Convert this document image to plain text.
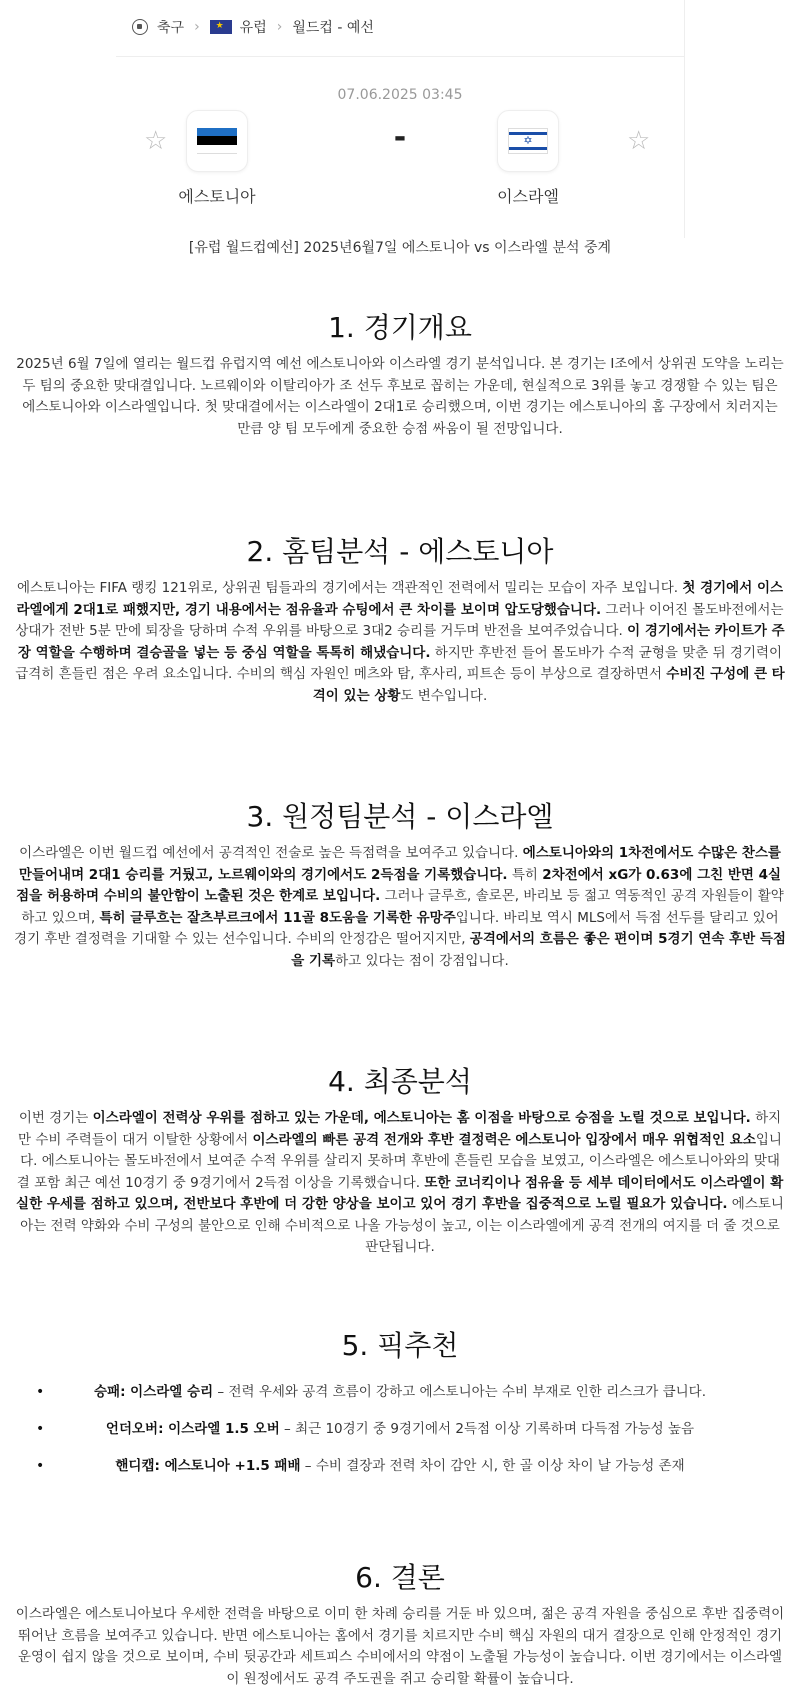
축구 ›
★	유럽 › 월드컵 - 예선
07.06.2025 03:45
☆
에스토니아
-	✡
이스라엘
☆
[유럽 월드컵예선] 2025년6월7일 에스토니아 vs 이스라엘 분석 중계
1. 경기개요

2025년 6월 7일에 열리는 월드컵 유럽지역 예선 에스토니아와 이스라엘 경기 분석입니다. 본 경기는 I조에서 상위권 도약을 노리는 두 팀의 중요한 맞대결입니다. 노르웨이와 이탈리아가 조 선두 후보로 꼽히는 가운데, 현실적으로 3위를 놓고 경쟁할 수 있는 팀은 에스토니아와 이스라엘입니다. 첫 맞대결에서는 이스라엘이 2대1로 승리했으며, 이번 경기는 에스토니아의 홈 구장에서 치러지는 만큼 양 팀 모두에게 중요한 승점 싸움이 될 전망입니다.

2. 홈팀분석 - 에스토니아

에스토니아는 FIFA 랭킹 121위로, 상위권 팀들과의 경기에서는 객관적인 전력에서 밀리는 모습이 자주 보입니다. 첫 경기에서 이스라엘에게 2대1로 패했지만, 경기 내용에서는 점유율과 슈팅에서 큰 차이를 보이며 압도당했습니다. 그러나 이어진 몰도바전에서는 상대가 전반 5분 만에 퇴장을 당하며 수적 우위를 바탕으로 3대2 승리를 거두며 반전을 보여주었습니다. 이 경기에서는 카이트가 주장 역할을 수행하며 결승골을 넣는 등 중심 역할을 톡톡히 해냈습니다. 하지만 후반전 들어 몰도바가 수적 균형을 맞춘 뒤 경기력이 급격히 흔들린 점은 우려 요소입니다. 수비의 핵심 자원인 메츠와 탐, 후사리, 피트손 등이 부상으로 결장하면서 수비진 구성에 큰 타격이 있는 상황도 변수입니다.

3. 원정팀분석 - 이스라엘

이스라엘은 이번 월드컵 예선에서 공격적인 전술로 높은 득점력을 보여주고 있습니다. 에스토니아와의 1차전에서도 수많은 찬스를 만들어내며 2대1 승리를 거뒀고, 노르웨이와의 경기에서도 2득점을 기록했습니다. 특히 2차전에서 xG가 0.63에 그친 반면 4실점을 허용하며 수비의 불안함이 노출된 것은 한계로 보입니다. 그러나 글루흐, 솔로몬, 바리보 등 젊고 역동적인 공격 자원들이 활약하고 있으며, 특히 글루흐는 잘츠부르크에서 11골 8도움을 기록한 유망주입니다. 바리보 역시 MLS에서 득점 선두를 달리고 있어 경기 후반 결정력을 기대할 수 있는 선수입니다. 수비의 안정감은 떨어지지만, 공격에서의 흐름은 좋은 편이며 5경기 연속 후반 득점을 기록하고 있다는 점이 강점입니다.

4. 최종분석

이번 경기는 이스라엘이 전력상 우위를 점하고 있는 가운데, 에스토니아는 홈 이점을 바탕으로 승점을 노릴 것으로 보입니다. 하지만 수비 주력들이 대거 이탈한 상황에서 이스라엘의 빠른 공격 전개와 후반 결정력은 에스토니아 입장에서 매우 위협적인 요소입니다. 에스토니아는 몰도바전에서 보여준 수적 우위를 살리지 못하며 후반에 흔들린 모습을 보였고, 이스라엘은 에스토니아와의 맞대결 포함 최근 예선 10경기 중 9경기에서 2득점 이상을 기록했습니다. 또한 코너킥이나 점유율 등 세부 데이터에서도 이스라엘이 확실한 우세를 점하고 있으며, 전반보다 후반에 더 강한 양상을 보이고 있어 경기 후반을 집중적으로 노릴 필요가 있습니다. 에스토니아는 전력 약화와 수비 구성의 불안으로 인해 수비적으로 나올 가능성이 높고, 이는 이스라엘에게 공격 전개의 여지를 더 줄 것으로 판단됩니다.

5. 픽추천
•	승패: 이스라엘 승리 – 전력 우세와 공격 흐름이 강하고 에스토니아는 수비 부재로 인한 리스크가 큽니다.
•	언더오버: 이스라엘 1.5 오버 – 최근 10경기 중 9경기에서 2득점 이상 기록하며 다득점 가능성 높음
•	핸디캡: 에스토니아 +1.5 패배 – 수비 결장과 전력 차이 감안 시, 한 골 이상 차이 날 가능성 존재
6. 결론

이스라엘은 에스토니아보다 우세한 전력을 바탕으로 이미 한 차례 승리를 거둔 바 있으며, 젊은 공격 자원을 중심으로 후반 집중력이 뛰어난 흐름을 보여주고 있습니다. 반면 에스토니아는 홈에서 경기를 치르지만 수비 핵심 자원의 대거 결장으로 인해 안정적인 경기 운영이 쉽지 않을 것으로 보이며, 수비 뒷공간과 세트피스 수비에서의 약점이 노출될 가능성이 높습니다. 이번 경기에서는 이스라엘이 원정에서도 공격 주도권을 쥐고 승리할 확률이 높습니다.
